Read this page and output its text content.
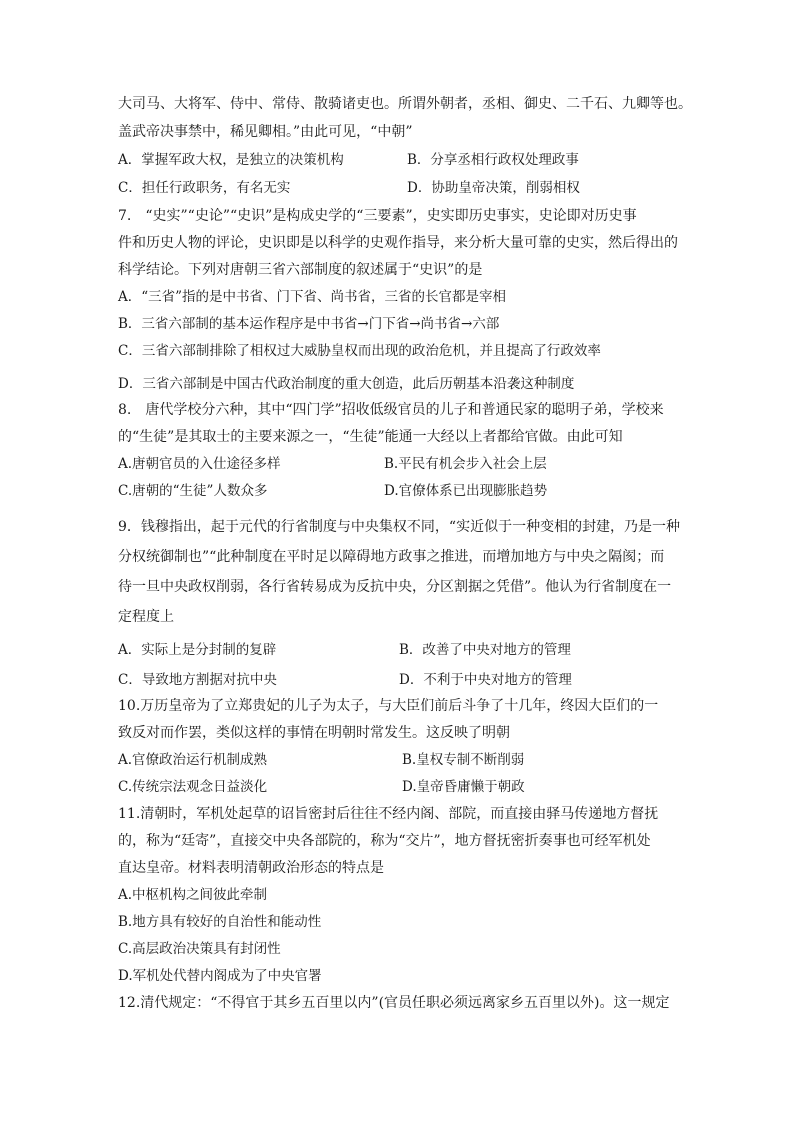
大司马、大将军、侍中、常侍、散骑诸吏也。所谓外朝者，丞相、御史、二千石、九卿等也。
盖武帝决事禁中，稀见卿相。”由此可见，“中朝”
A．掌握军政大权，是独立的决策机构	B．分享丞相行政权处理政事
C．担任行政职务，有名无实	D．协助皇帝决策，削弱相权
7.　“史实”“史论”“史识”是构成史学的“三要素”，史实即历史事实，史论即对历史事
件和历史人物的评论，史识即是以科学的史观作指导，来分析大量可靠的史实，然后得出的
科学结论。下列对唐朝三省六部制度的叙述属于“史识”的是
A．“三省”指的是中书省、门下省、尚书省，三省的长官都是宰相
B．三省六部制的基本运作程序是中书省→门下省→尚书省→六部
C．三省六部制排除了相权过大威胁皇权而出现的政治危机，并且提高了行政效率
D．三省六部制是中国古代政治制度的重大创造，此后历朝基本沿袭这种制度
8.　唐代学校分六种，其中“四门学”招收低级官员的儿子和普通民家的聪明子弟，学校来
的“生徒”是其取士的主要来源之一，“生徒”能通一大经以上者都给官做。由此可知
A.唐朝官员的入仕途径多样	B.平民有机会步入社会上层
C.唐朝的“生徒”人数众多	D.官僚体系已出现膨胀趋势
9．钱穆指出，起于元代的行省制度与中央集权不同，“实近似于一种变相的封建，乃是一种
分权统御制也”“此种制度在平时足以障碍地方政事之推进，而增加地方与中央之隔阂；而
待一旦中央政权削弱，各行省转易成为反抗中央，分区割据之凭借”。他认为行省制度在一
定程度上
A．实际上是分封制的复辟	B．改善了中央对地方的管理
C．导致地方割据对抗中央	D．不利于中央对地方的管理
10.万历皇帝为了立郑贵妃的儿子为太子，与大臣们前后斗争了十几年，终因大臣们的一
致反对而作罢，类似这样的事情在明朝时常发生。这反映了明朝
A.官僚政治运行机制成熟	B.皇权专制不断削弱
C.传统宗法观念日益淡化	D.皇帝昏庸懒于朝政
11.清朝时，军机处起草的诏旨密封后往往不经内阁、部院，而直接由驿马传递地方督抚
的，称为“廷寄”，直接交中央各部院的，称为“交片”，地方督抚密折奏事也可经军机处
直达皇帝。材料表明清朝政治形态的特点是
A.中枢机构之间彼此牵制
B.地方具有较好的自治性和能动性
C.高层政治决策具有封闭性
D.军机处代替内阁成为了中央官署
12.清代规定：“不得官于其乡五百里以内”(官员任职必须远离家乡五百里以外)。这一规定
